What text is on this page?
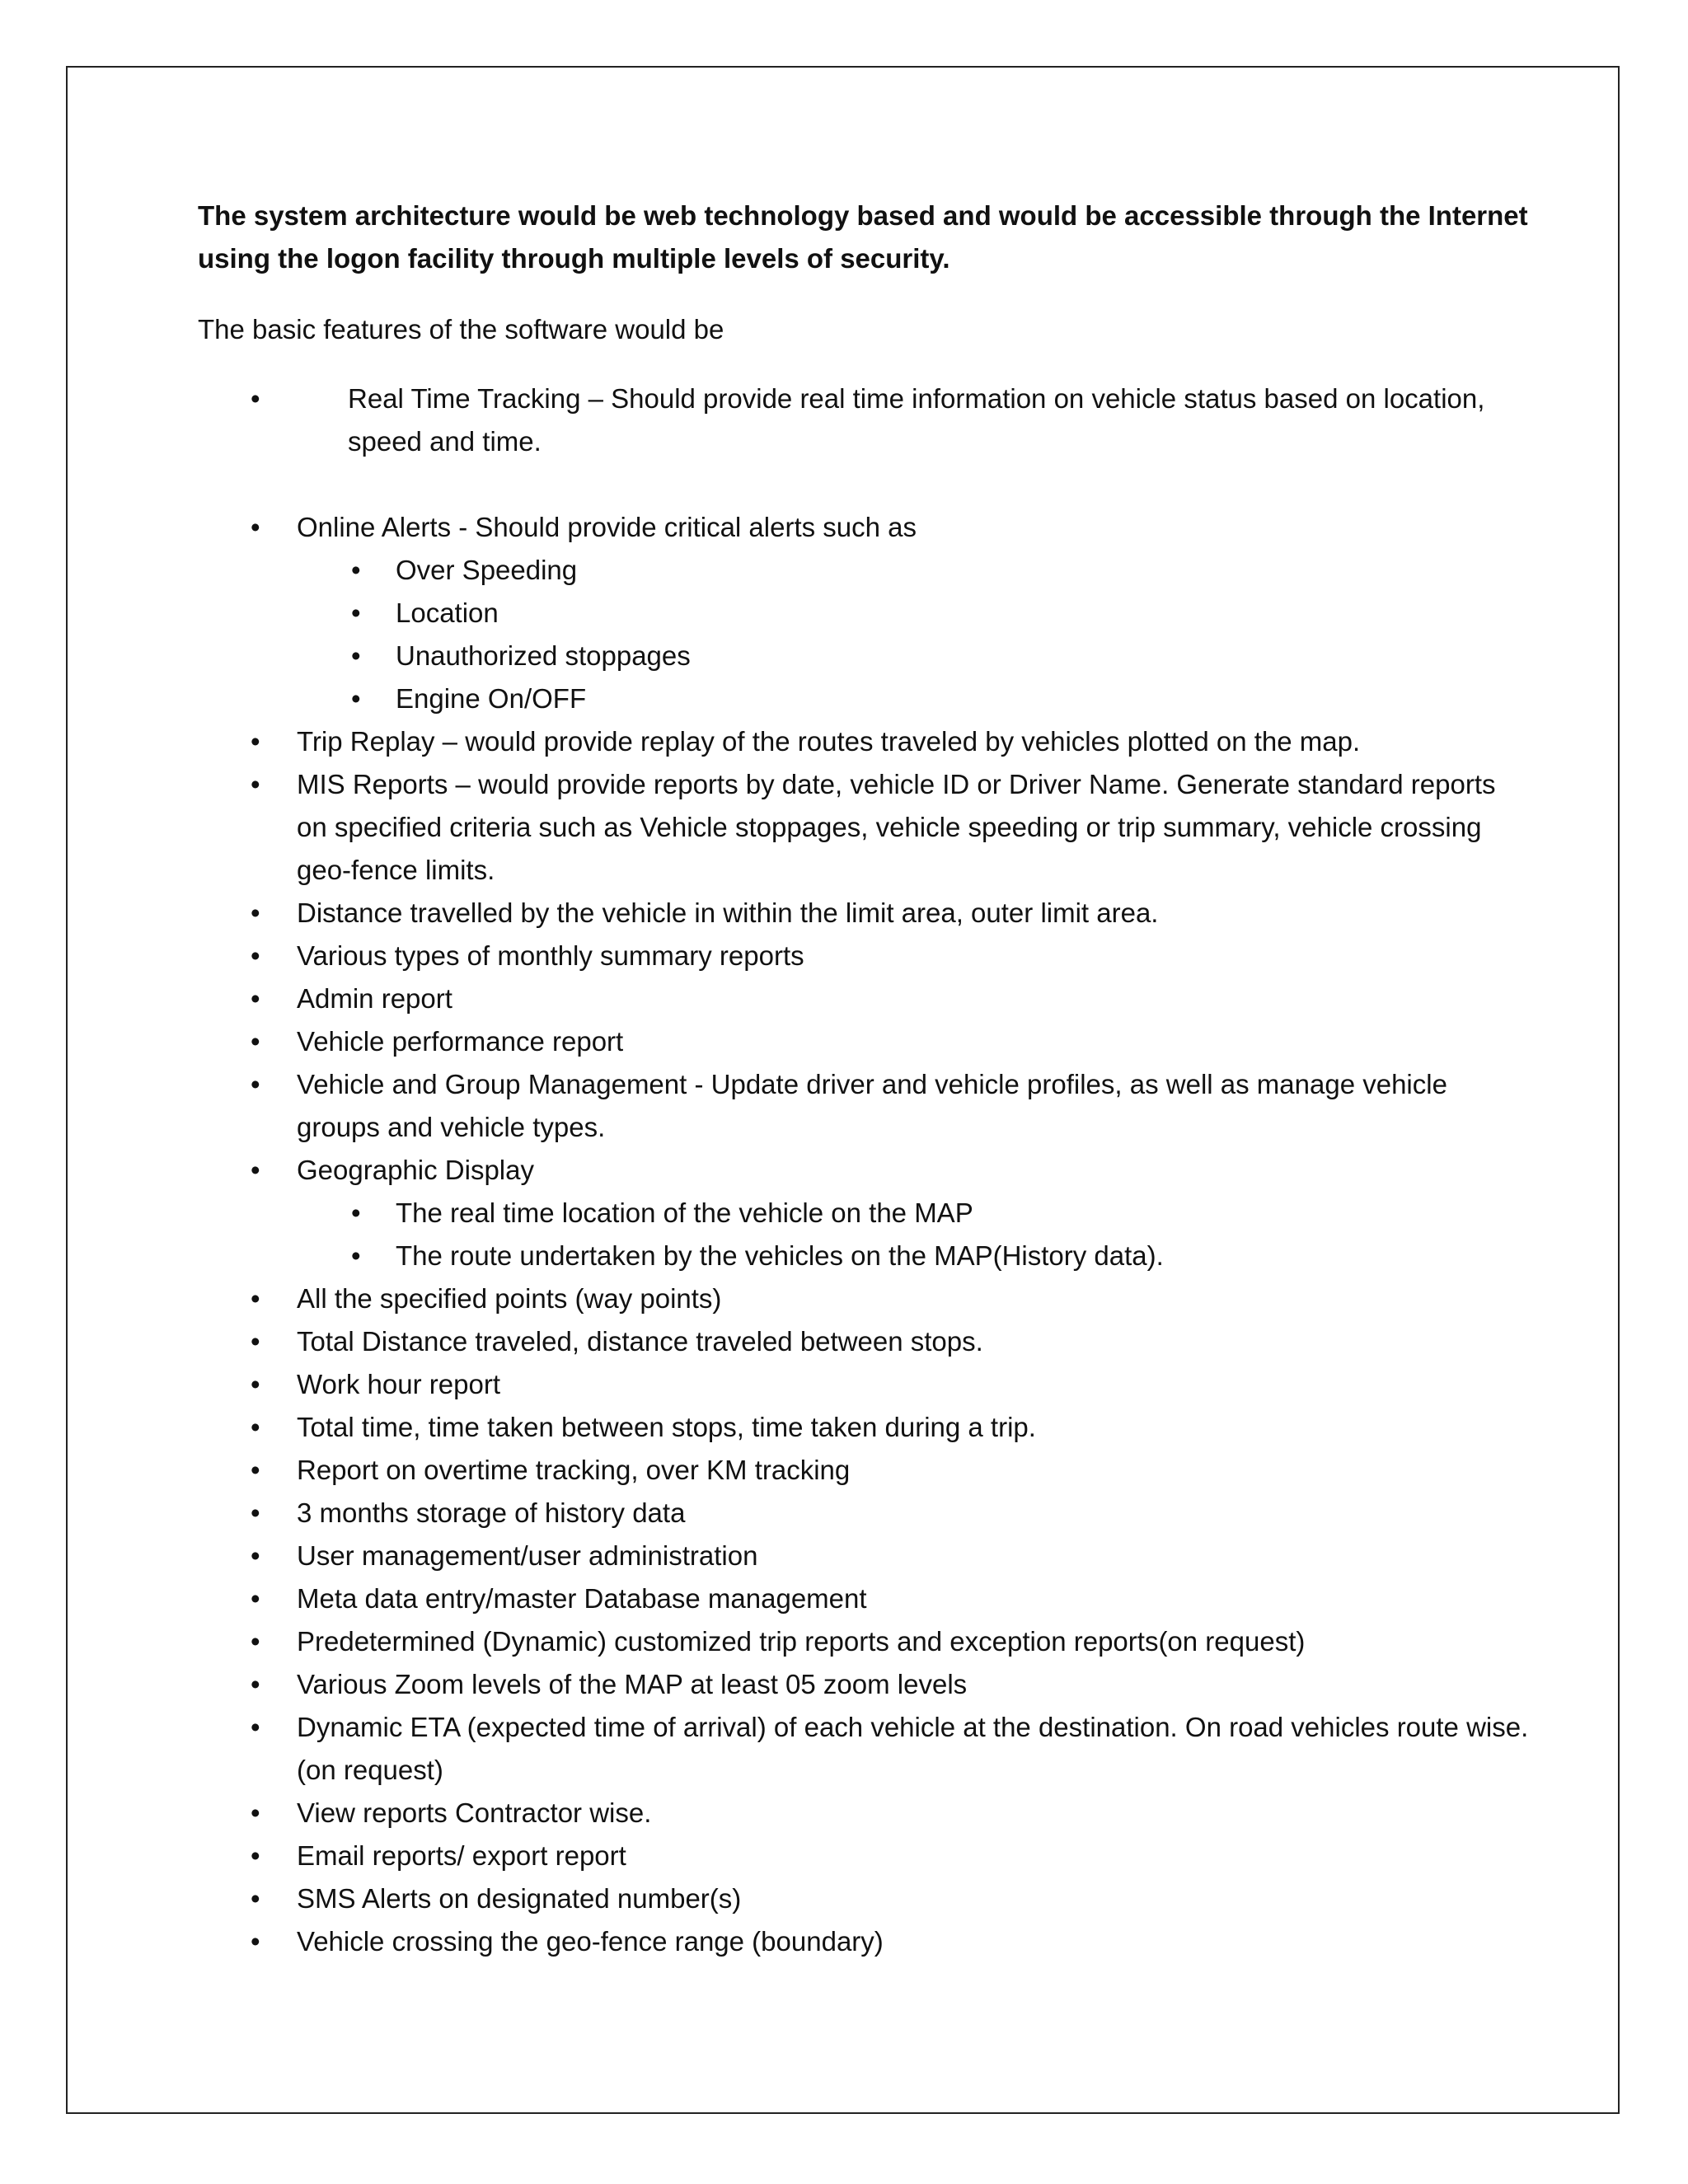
The system architecture would be web technology based and would be accessible through the Internet using the logon facility through multiple levels of security.

The basic features of the software would be

•	Real Time Tracking – Should provide real time information on vehicle status based on location, speed and time.
• Online Alerts - Should provide critical alerts such as
• Over Speeding
• Location
• Unauthorized stoppages
• Engine On/OFF
• Trip Replay – would provide replay of the routes traveled by vehicles plotted on the map.
• MIS Reports – would provide reports by date, vehicle ID or Driver Name. Generate standard reports on specified criteria such as Vehicle stoppages, vehicle speeding or trip summary, vehicle crossing geo-fence limits.
• Distance travelled by the vehicle in within the limit area, outer limit area.
• Various types of monthly summary reports
• Admin report
• Vehicle performance report
• Vehicle and Group Management - Update driver and vehicle profiles, as well as manage vehicle groups and vehicle types.
• Geographic Display
• The real time location of the vehicle on the MAP
• The route undertaken by the vehicles on the MAP(History data).
• All the specified points (way points)
• Total Distance traveled, distance traveled between stops.
• Work hour report
• Total time, time taken between stops, time taken during a trip.
• Report on overtime tracking, over KM tracking
• 3 months storage of history data
• User management/user administration
• Meta data entry/master Database management
• Predetermined (Dynamic) customized trip reports and exception reports(on request)
• Various Zoom levels of the MAP at least 05 zoom levels
• Dynamic ETA (expected time of arrival) of each vehicle at the destination. On road vehicles route wise. (on request)
• View reports Contractor wise.
• Email reports/ export report
• SMS Alerts on designated number(s)
• Vehicle crossing the geo-fence range (boundary)
